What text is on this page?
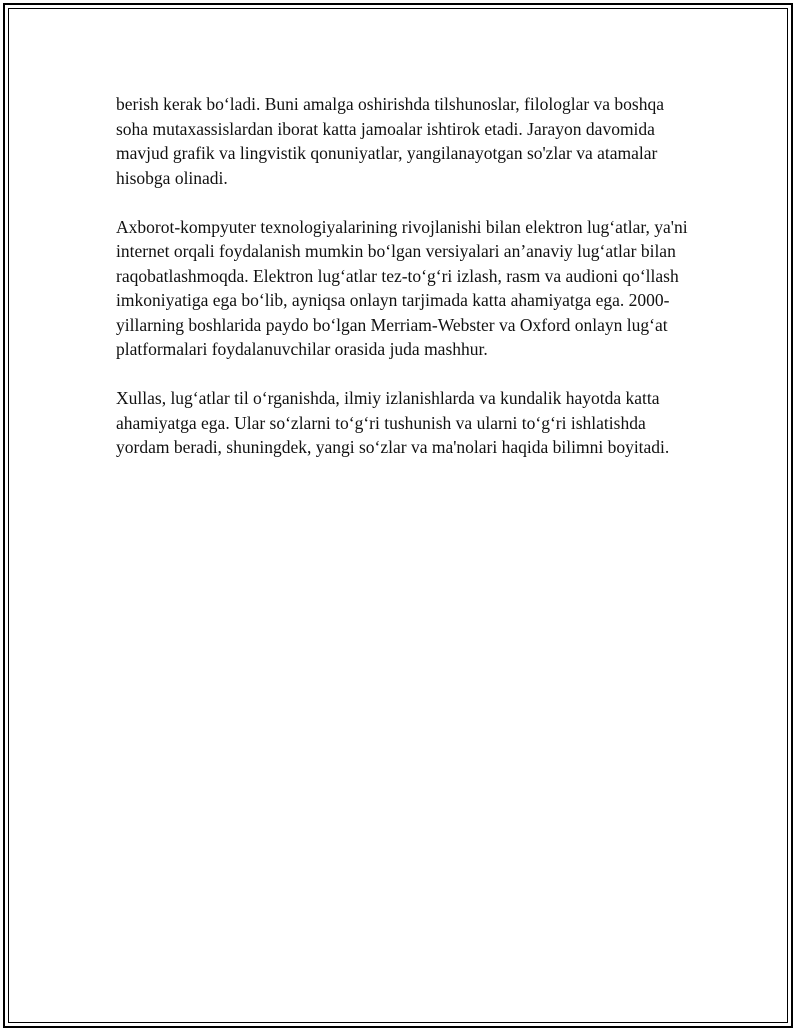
berish kerak bo‘ladi. Buni amalga oshirishda tilshunoslar, filologlar va boshqa soha mutaxassislardan iborat katta jamoalar ishtirok etadi. Jarayon davomida mavjud grafik va lingvistik qonuniyatlar, yangilanayotgan so'zlar va atamalar hisobga olinadi.

Axborot-kompyuter texnologiyalarining rivojlanishi bilan elektron lug‘atlar, ya'ni internet orqali foydalanish mumkin bo‘lgan versiyalari an’anaviy lug‘atlar bilan raqobatlashmoqda. Elektron lug‘atlar tez-to‘g‘ri izlash, rasm va audioni qo‘llash imkoniyatiga ega bo‘lib, ayniqsa onlayn tarjimada katta ahamiyatga ega. 2000-yillarning boshlarida paydo bo‘lgan Merriam-Webster va Oxford onlayn lug‘at platformalari foydalanuvchilar orasida juda mashhur.

Xullas, lug‘atlar til o‘rganishda, ilmiy izlanishlarda va kundalik hayotda katta ahamiyatga ega. Ular so‘zlarni to‘g‘ri tushunish va ularni to‘g‘ri ishlatishda yordam beradi, shuningdek, yangi so‘zlar va ma'nolari haqida bilimni boyitadi.
